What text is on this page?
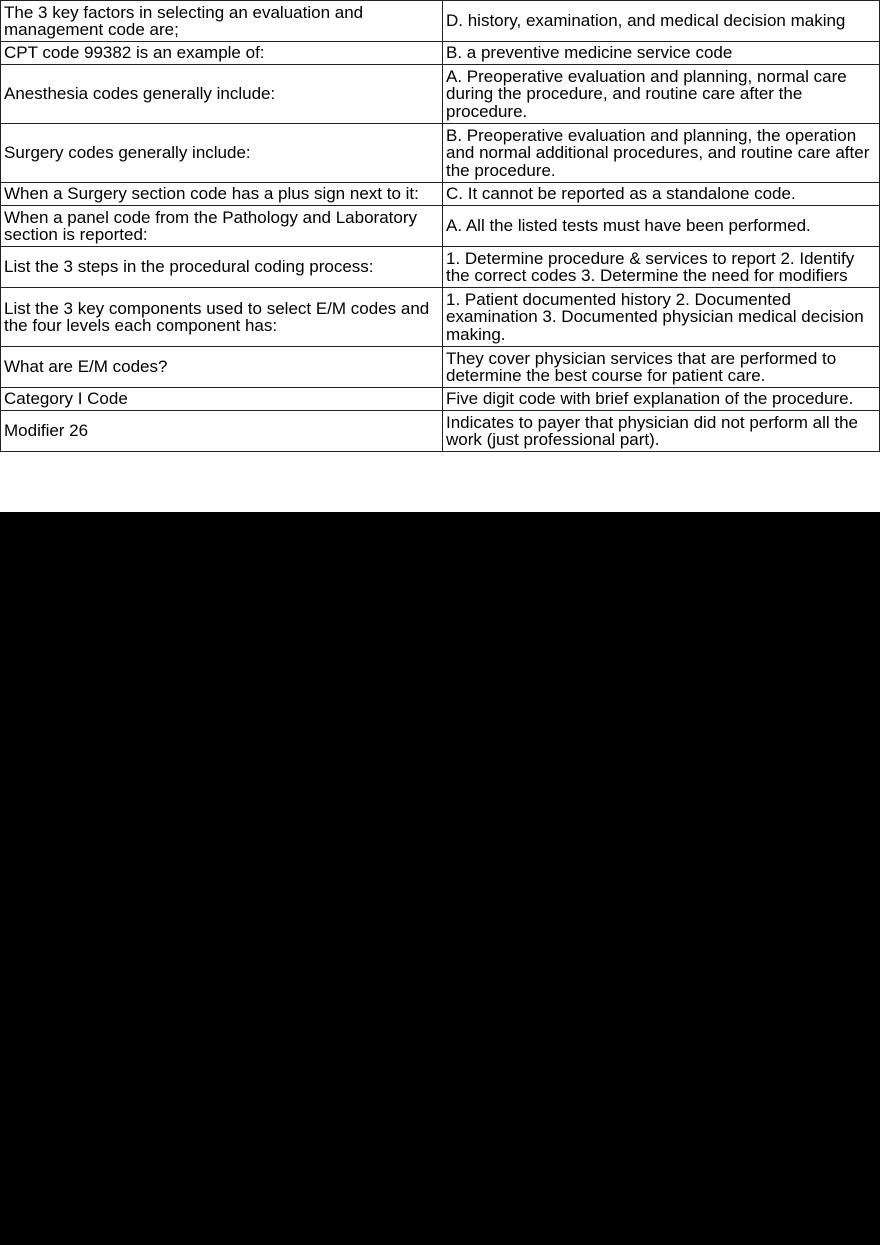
The 3 key factors in selecting an evaluation and management code are;	D. history, examination, and medical decision making
CPT code 99382 is an example of:	B. a preventive medicine service code
Anesthesia codes generally include:	A. Preoperative evaluation and planning, normal care during the procedure, and routine care after the procedure.
Surgery codes generally include:	B. Preoperative evaluation and planning, the operation and normal additional procedures, and routine care after the procedure.
When a Surgery section code has a plus sign next to it:	C. It cannot be reported as a standalone code.
When a panel code from the Pathology and Laboratory section is reported:	A. All the listed tests must have been performed.
List the 3 steps in the procedural coding process:	1. Determine procedure & services to report 2. Identify the correct codes 3. Determine the need for modifiers
List the 3 key components used to select E/M codes and the four levels each component has:	1. Patient documented history 2. Documented examination 3. Documented physician medical decision making.
What are E/M codes?	They cover physician services that are performed to determine the best course for patient care.
Category I Code	Five digit code with brief explanation of the procedure.
Modifier 26	Indicates to payer that physician did not perform all the work (just professional part).
